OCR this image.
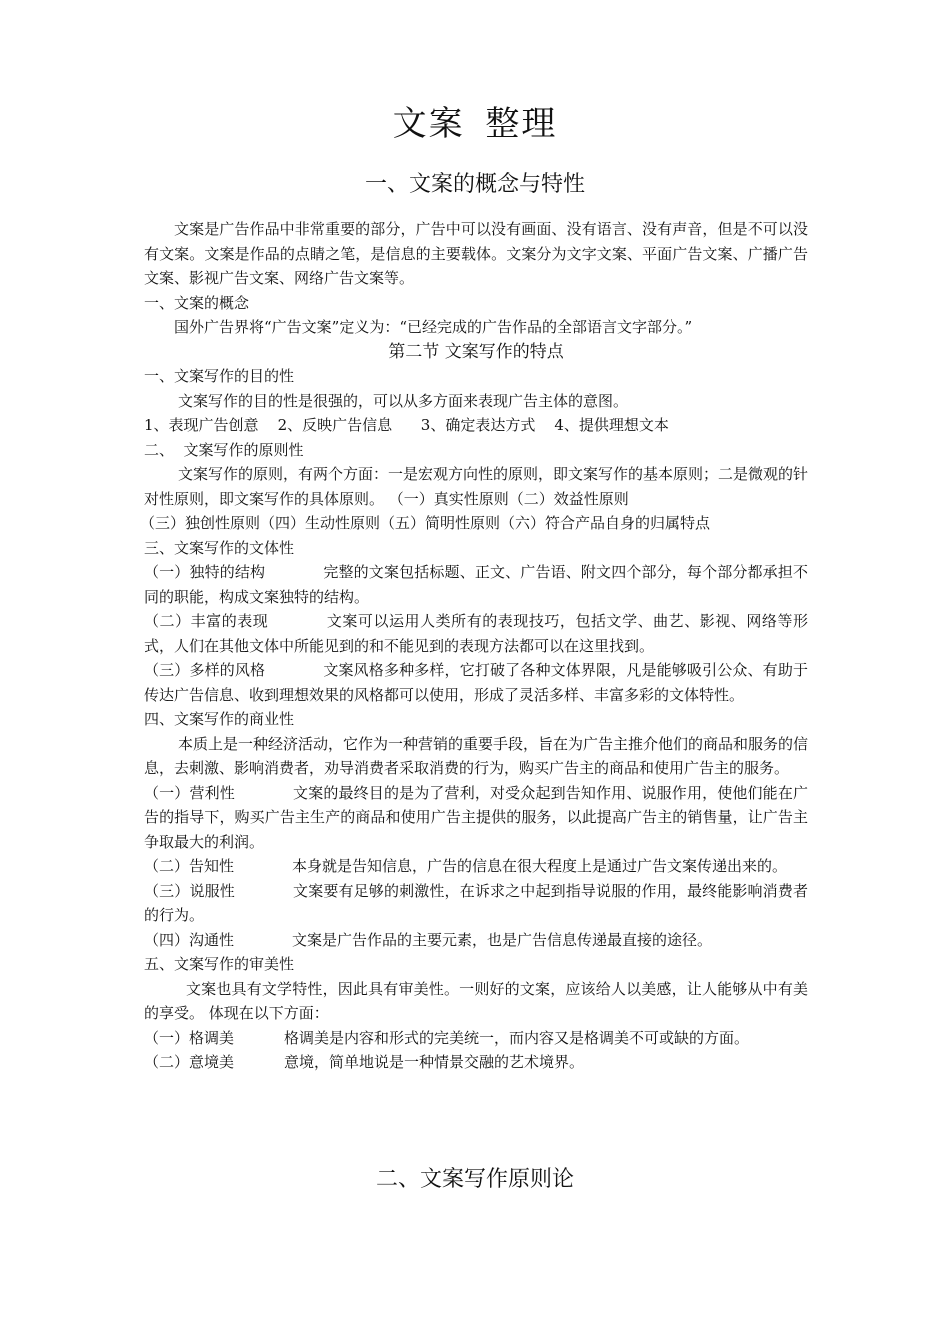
文案 整理
一、文案的概念与特性
文案是广告作品中非常重要的部分，广告中可以没有画面、没有语言、没有声音，但是不可以没有文案。文案是作品的点睛之笔，是信息的主要载体。文案分为文字文案、平面广告文案、广播广告文案、影视广告文案、网络广告文案等。
一、文案的概念
国外广告界将“广告文案”定义为：“已经完成的广告作品的全部语言文字部分。”
第二节 文案写作的特点
一、文案写作的目的性
文案写作的目的性是很强的，可以从多方面来表现广告主体的意图。
1、表现广告创意    2、反映广告信息      3、确定表达方式    4、提供理想文本
二、  文案写作的原则性
文案写作的原则，有两个方面：一是宏观方向性的原则，即文案写作的基本原则；二是微观的针对性原则，即文案写作的具体原则。 （一）真实性原则（二）效益性原则
（三）独创性原则（四）生动性原则（五）简明性原则（六）符合产品自身的归属特点
三、文案写作的文体性
（一）独特的结构	完整的文案包括标题、正文、广告语、附文四个部分，每个部分都承担不同的职能，构成文案独特的结构。
（二）丰富的表现	文案可以运用人类所有的表现技巧，包括文学、曲艺、影视、网络等形式，人们在其他文体中所能见到的和不能见到的表现方法都可以在这里找到。
（三）多样的风格	文案风格多种多样，它打破了各种文体界限，凡是能够吸引公众、有助于传达广告信息、收到理想效果的风格都可以使用，形成了灵活多样、丰富多彩的文体特性。
四、文案写作的商业性
本质上是一种经济活动，它作为一种营销的重要手段，旨在为广告主推介他们的商品和服务的信息，去刺激、影响消费者，劝导消费者采取消费的行为，购买广告主的商品和使用广告主的服务。
（一）营利性	文案的最终目的是为了营利，对受众起到告知作用、说服作用，使他们能在广告的指导下，购买广告主生产的商品和使用广告主提供的服务，以此提高广告主的销售量，让广告主争取最大的利润。
（二）告知性	本身就是告知信息，广告的信息在很大程度上是通过广告文案传递出来的。
（三）说服性	文案要有足够的刺激性，在诉求之中起到指导说服的作用，最终能影响消费者的行为。
（四）沟通性	文案是广告作品的主要元素，也是广告信息传递最直接的途径。
五、文案写作的审美性
文案也具有文学特性，因此具有审美性。一则好的文案，应该给人以美感，让人能够从中有美的享受。 体现在以下方面：
（一）格调美	格调美是内容和形式的完美统一，而内容又是格调美不可或缺的方面。
（二）意境美	意境，简单地说是一种情景交融的艺术境界。
二、文案写作原则论
